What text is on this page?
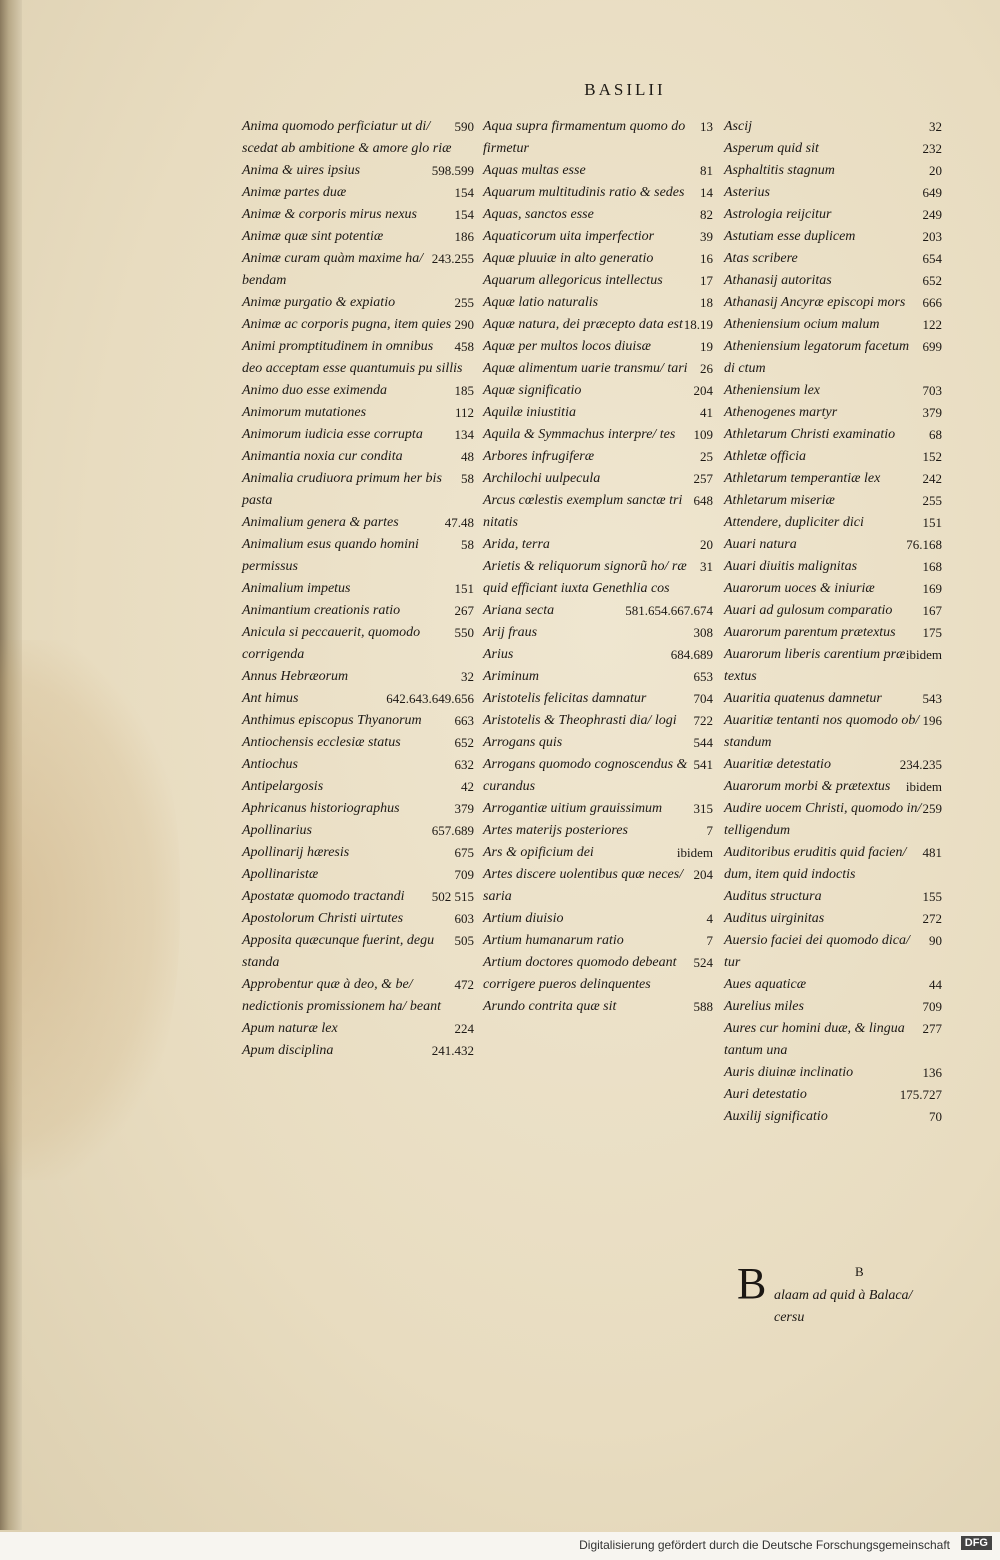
BASILII
590
Anima quomodo perficiatur ut di/ scedat ab ambitione & amore glo riæ
598.599
Anima & uires ipsius
154
Animæ partes duæ
154
Animæ & corporis mirus nexus
186
Animæ quæ sint potentiæ
243.255
Animæ curam quàm maxime ha/ bendam
255
Animæ purgatio & expiatio
290
Animæ ac corporis pugna, item quies
458
Animi promptitudinem in omnibus deo acceptam esse quantumuis pu sillis
185
Animo duo esse eximenda
112
Animorum mutationes
134
Animorum iudicia esse corrupta
48
Animantia noxia cur condita
58
Animalia crudiuora primum her bis pasta
47.48
Animalium genera & partes
58
Animalium esus quando homini permissus
151
Animalium impetus
267
Animantium creationis ratio
550
Anicula si peccauerit, quomodo corrigenda
32
Annus Hebræorum
642.643.649.656
Ant himus
663
Anthimus episcopus Thyanorum
652
Antiochensis ecclesiæ status
632
Antiochus
42
Antipelargosis
379
Aphricanus historiographus
657.689
Apollinarius
675
Apollinarij hæresis
709
Apollinaristæ
502 515
Apostatæ quomodo tractandi
603
Apostolorum Christi uirtutes
505
Apposita quæcunque fuerint, degu standa
472
Approbentur quæ à deo, & be/ nedictionis promissionem ha/ beant
224
Apum naturæ lex
241.432
Apum disciplina
13
Aqua supra firmamentum quomo do firmetur
81
Aquas multas esse
14
Aquarum multitudinis ratio & sedes
82
Aquas, sanctos esse
39
Aquaticorum uita imperfectior
16
Aquæ pluuiæ in alto generatio
17
Aquarum allegoricus intellectus
18
Aquæ latio naturalis
18.19
Aquæ natura, dei præcepto data est
19
Aquæ per multos locos diuisæ
26
Aquæ alimentum uarie transmu/ tari
204
Aquæ significatio
41
Aquilæ iniustitia
109
Aquila & Symmachus interpre/ tes
25
Arbores infrugiferæ
257
Archilochi uulpecula
648
Arcus cœlestis exemplum sanctæ tri nitatis
20
Arida, terra
31
Arietis & reliquorum signorũ ho/ ræ quid efficiant iuxta Genethlia cos
581.654.667.674
Ariana secta
308
Arij fraus
684.689
Arius
653
Ariminum
704
Aristotelis felicitas damnatur
722
Aristotelis & Theophrasti dia/ logi
544
Arrogans quis
541
Arrogans quomodo cognoscendus & curandus
315
Arrogantiæ uitium grauissimum
7
Artes materijs posteriores
ibidem
Ars & opificium dei
204
Artes discere uolentibus quæ neces/ saria
4
Artium diuisio
7
Artium humanarum ratio
524
Artium doctores quomodo debeant corrigere pueros delinquentes
588
Arundo contrita quæ sit
32
Ascij
232
Asperum quid sit
20
Asphaltitis stagnum
649
Asterius
249
Astrologia reijcitur
203
Astutiam esse duplicem
654
Atas scribere
652
Athanasij autoritas
666
Athanasij Ancyræ episcopi mors
122
Atheniensium ocium malum
699
Atheniensium legatorum facetum di ctum
703
Atheniensium lex
379
Athenogenes martyr
68
Athletarum Christi examinatio
152
Athletæ officia
242
Athletarum temperantiæ lex
255
Athletarum miseriæ
151
Attendere, dupliciter dici
76.168
Auari natura
168
Auari diuitis malignitas
169
Auarorum uoces & iniuriæ
167
Auari ad gulosum comparatio
175
Auarorum parentum prætextus
ibidem
Auarorum liberis carentium præ textus
543
Auaritia quatenus damnetur
196
Auaritiæ tentanti nos quomodo ob/ standum
234.235
Auaritiæ detestatio
ibidem
Auarorum morbi & prætextus
259
Audire uocem Christi, quomodo in/ telligendum
481
Auditoribus eruditis quid facien/ dum, item quid indoctis
155
Auditus structura
272
Auditus uirginitas
90
Auersio faciei dei quomodo dica/ tur
44
Aues aquaticæ
709
Aurelius miles
277
Aures cur homini duæ, & lingua tantum una
136
Auris diuinæ inclinatio
175.727
Auri detestatio
70
Auxilij significatio
B
B alaam ad quid à Balaca/ cersu
Digitalisierung gefördert durch die Deutsche Forschungsgemeinschaft	DFG
